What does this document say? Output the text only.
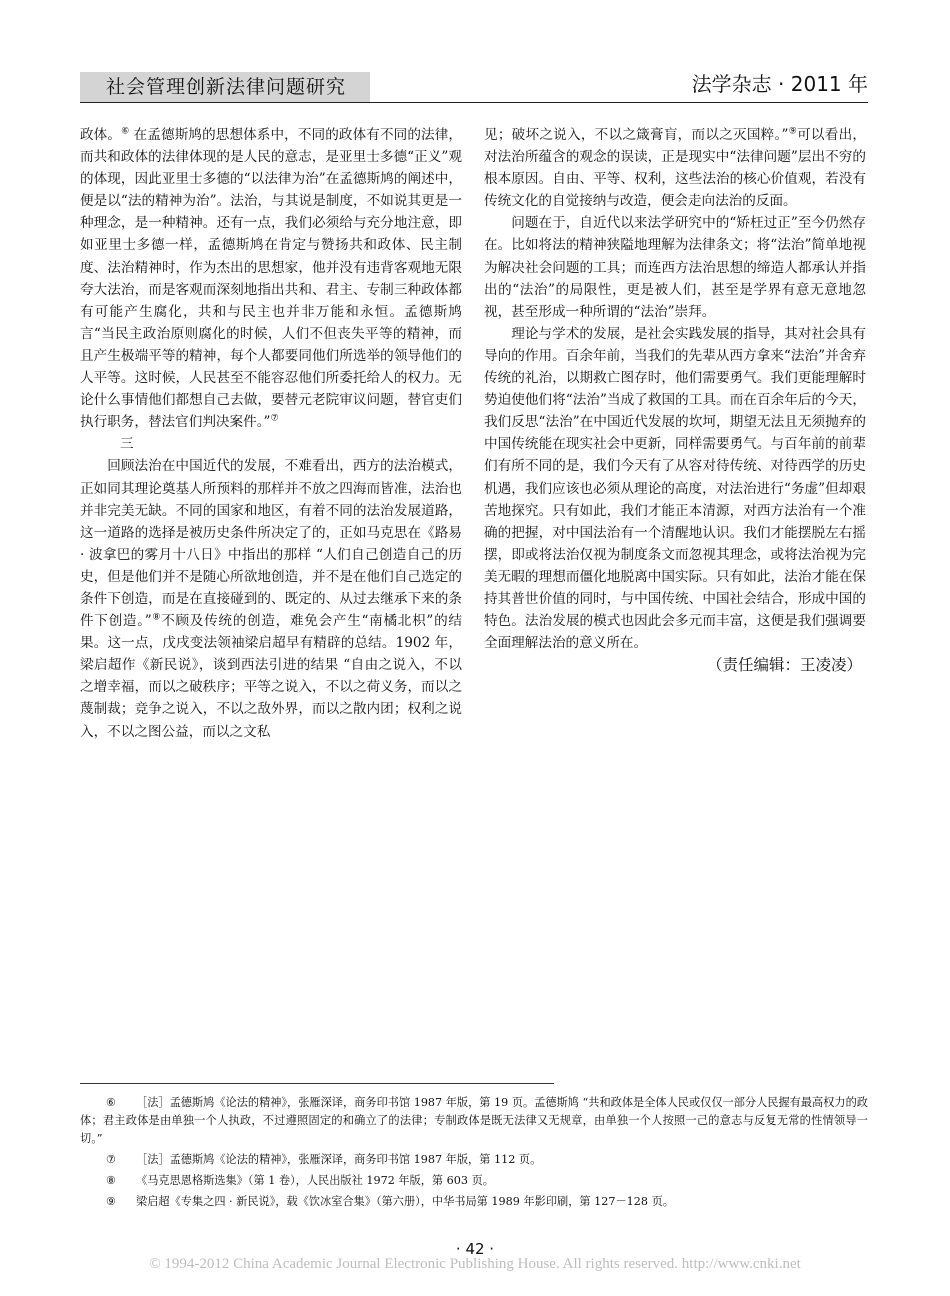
社会管理创新法律问题研究	法学杂志 · 2011 年

政体。⑥ 在孟德斯鸠的思想体系中，不同的政体有不同的法律，而共和政体的法律体现的是人民的意志，是亚里士多德“正义”观的体现，因此亚里士多德的“以法律为治”在孟德斯鸠的阐述中，便是以“法的精神为治”。法治，与其说是制度，不如说其更是一种理念，是一种精神。还有一点，我们必须给与充分地注意，即如亚里士多德一样，孟德斯鸠在肯定与赞扬共和政体、民主制度、法治精神时，作为杰出的思想家，他并没有违背客观地无限夸大法治，而是客观而深刻地指出共和、君主、专制三种政体都有可能产生腐化，共和与民主也并非万能和永恒。孟德斯鸠言“当民主政治原则腐化的时候，人们不但丧失平等的精神，而且产生极端平等的精神，每个人都要同他们所选举的领导他们的人平等。这时候，人民甚至不能容忍他们所委托给人的权力。无论什么事情他们都想自己去做，要替元老院审议问题，替官吏们执行职务，替法官们判决案件。”⑦

三

回顾法治在中国近代的发展，不难看出，西方的法治模式，正如同其理论奠基人所预料的那样并不放之四海而皆准，法治也并非完美无缺。不同的国家和地区，有着不同的法治发展道路，这一道路的选择是被历史条件所决定了的，正如马克思在《路易 · 波拿巴的雾月十八日》中指出的那样 “人们自己创造自己的历史，但是他们并不是随心所欲地创造，并不是在他们自己选定的条件下创造，而是在直接碰到的、既定的、从过去继承下来的条件下创造。”⑧不顾及传统的创造，难免会产生“南橘北枳”的结果。这一点，戊戌变法领袖梁启超早有精辟的总结。1902 年，梁启超作《新民说》，谈到西法引进的结果 “自由之说入，不以之增幸福，而以之破秩序；平等之说入，不以之荷义务，而以之蔑制裁；竞争之说入，不以之敌外界，而以之散内团；权利之说入，不以之图公益，而以之文私

见；破坏之说入，不以之箴膏肓，而以之灭国粹。”⑨可以看出，对法治所蕴含的观念的误读，正是现实中“法律问题”层出不穷的根本原因。自由、平等、权利，这些法治的核心价值观，若没有传统文化的自觉接纳与改造，便会走向法治的反面。

问题在于，自近代以来法学研究中的“矫枉过正”至今仍然存在。比如将法的精神狭隘地理解为法律条文；将“法治”简单地视为解决社会问题的工具；而连西方法治思想的缔造人都承认并指出的“法治”的局限性，更是被人们，甚至是学界有意无意地忽视，甚至形成一种所谓的“法治”崇拜。

理论与学术的发展，是社会实践发展的指导，其对社会具有导向的作用。百余年前，当我们的先辈从西方拿来“法治”并舍弃传统的礼治，以期救亡图存时，他们需要勇气。我们更能理解时势迫使他们将“法治”当成了救国的工具。而在百余年后的今天，我们反思“法治”在中国近代发展的坎坷，期望无法且无须抛弃的中国传统能在现实社会中更新，同样需要勇气。与百年前的前辈们有所不同的是，我们今天有了从容对待传统、对待西学的历史机遇，我们应该也必须从理论的高度，对法治进行“务虚”但却艰苦地探究。只有如此，我们才能正本清源，对西方法治有一个准确的把握，对中国法治有一个清醒地认识。我们才能摆脱左右摇摆，即或将法治仅视为制度条文而忽视其理念，或将法治视为完美无暇的理想而僵化地脱离中国实际。只有如此，法治才能在保持其普世价值的同时，与中国传统、中国社会结合，形成中国的特色。法治发展的模式也因此会多元而丰富，这便是我们强调要全面理解法治的意义所在。

（责任编辑：王凌凌）

⑥ ［法］孟德斯鸠《论法的精神》，张雁深译，商务印书馆 1987 年版，第 19 页。孟德斯鸠 “共和政体是全体人民或仅仅一部分人民握有最高权力的政体；君主政体是由单独一个人执政，不过遵照固定的和确立了的法律；专制政体是既无法律又无规章，由单独一个人按照一己的意志与反复无常的性情领导一切。”

⑦ ［法］孟德斯鸠《论法的精神》，张雁深译，商务印书馆 1987 年版，第 112 页。

⑧ 《马克思恩格斯选集》（第 1 卷），人民出版社 1972 年版，第 603 页。

⑨ 梁启超《专集之四 · 新民说》，载《饮冰室合集》（第六册），中华书局第 1989 年影印刷，第 127－128 页。

· 42 ·
© 1994-2012 China Academic Journal Electronic Publishing House. All rights reserved. http://www.cnki.net
